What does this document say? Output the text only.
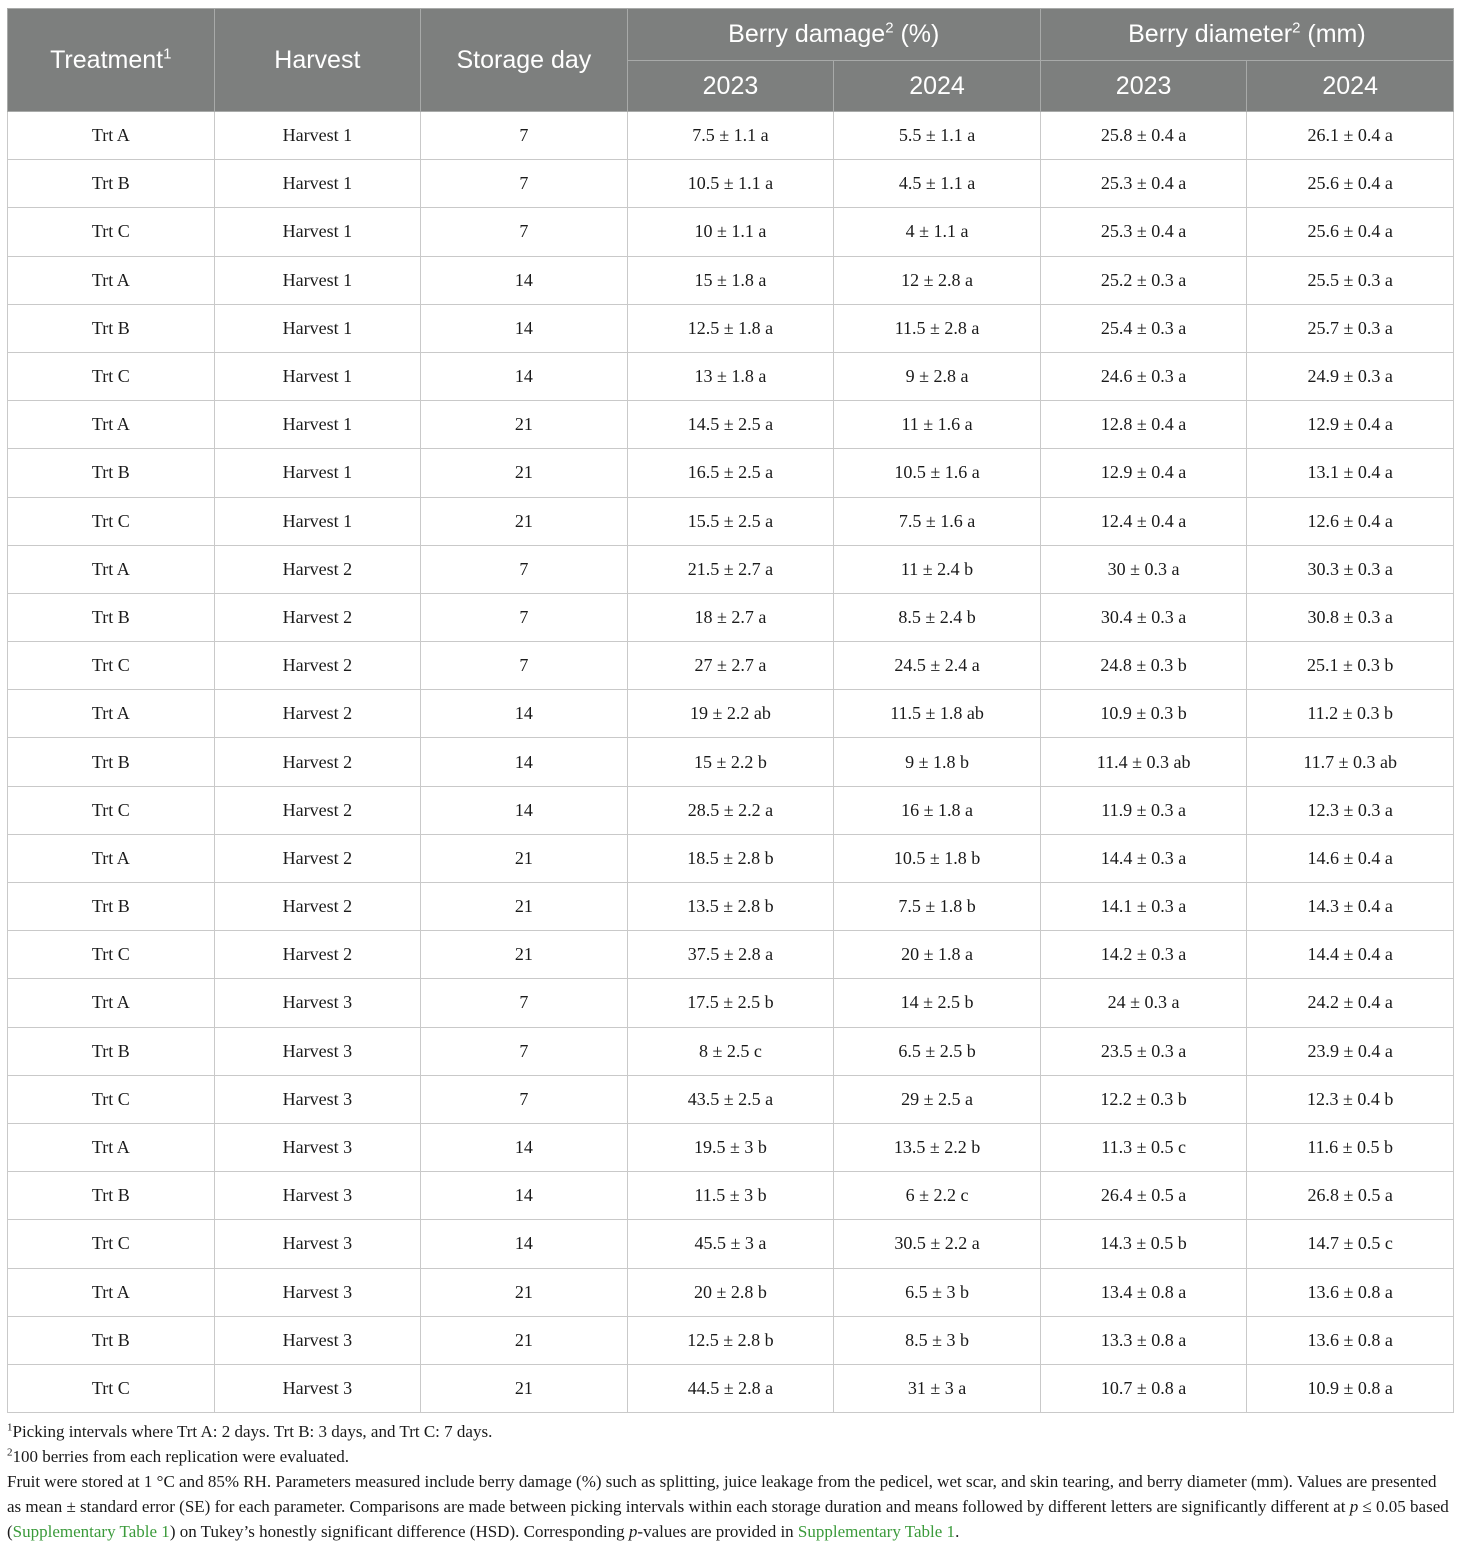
Treatment$^1$	Harvest	Storage day	Berry damage$^2$ (%)		Berry diameter$^2$ (mm)	
			2023	2024	2023	2024
Trt A	Harvest 1	7	7.5 ± 1.1 a	5.5 ± 1.1 a	25.8 ± 0.4 a	26.1 ± 0.4 a
Trt B	Harvest 1	7	10.5 ± 1.1 a	4.5 ± 1.1 a	25.3 ± 0.4 a	25.6 ± 0.4 a
Trt C	Harvest 1	7	10 ± 1.1 a	4 ± 1.1 a	25.3 ± 0.4 a	25.6 ± 0.4 a
Trt A	Harvest 1	14	15 ± 1.8 a	12 ± 2.8 a	25.2 ± 0.3 a	25.5 ± 0.3 a
Trt B	Harvest 1	14	12.5 ± 1.8 a	11.5 ± 2.8 a	25.4 ± 0.3 a	25.7 ± 0.3 a
Trt C	Harvest 1	14	13 ± 1.8 a	9 ± 2.8 a	24.6 ± 0.3 a	24.9 ± 0.3 a
Trt A	Harvest 1	21	14.5 ± 2.5 a	11 ± 1.6 a	12.8 ± 0.4 a	12.9 ± 0.4 a
Trt B	Harvest 1	21	16.5 ± 2.5 a	10.5 ± 1.6 a	12.9 ± 0.4 a	13.1 ± 0.4 a
Trt C	Harvest 1	21	15.5 ± 2.5 a	7.5 ± 1.6 a	12.4 ± 0.4 a	12.6 ± 0.4 a
Trt A	Harvest 2	7	21.5 ± 2.7 a	11 ± 2.4 b	30 ± 0.3 a	30.3 ± 0.3 a
Trt B	Harvest 2	7	18 ± 2.7 a	8.5 ± 2.4 b	30.4 ± 0.3 a	30.8 ± 0.3 a
Trt C	Harvest 2	7	27 ± 2.7 a	24.5 ± 2.4 a	24.8 ± 0.3 b	25.1 ± 0.3 b
Trt A	Harvest 2	14	19 ± 2.2 ab	11.5 ± 1.8 ab	10.9 ± 0.3 b	11.2 ± 0.3 b
Trt B	Harvest 2	14	15 ± 2.2 b	9 ± 1.8 b	11.4 ± 0.3 ab	11.7 ± 0.3 ab
Trt C	Harvest 2	14	28.5 ± 2.2 a	16 ± 1.8 a	11.9 ± 0.3 a	12.3 ± 0.3 a
Trt A	Harvest 2	21	18.5 ± 2.8 b	10.5 ± 1.8 b	14.4 ± 0.3 a	14.6 ± 0.4 a
Trt B	Harvest 2	21	13.5 ± 2.8 b	7.5 ± 1.8 b	14.1 ± 0.3 a	14.3 ± 0.4 a
Trt C	Harvest 2	21	37.5 ± 2.8 a	20 ± 1.8 a	14.2 ± 0.3 a	14.4 ± 0.4 a
Trt A	Harvest 3	7	17.5 ± 2.5 b	14 ± 2.5 b	24 ± 0.3 a	24.2 ± 0.4 a
Trt B	Harvest 3	7	8 ± 2.5 c	6.5 ± 2.5 b	23.5 ± 0.3 a	23.9 ± 0.4 a
Trt C	Harvest 3	7	43.5 ± 2.5 a	29 ± 2.5 a	12.2 ± 0.3 b	12.3 ± 0.4 b
Trt A	Harvest 3	14	19.5 ± 3 b	13.5 ± 2.2 b	11.3 ± 0.5 c	11.6 ± 0.5 b
Trt B	Harvest 3	14	11.5 ± 3 b	6 ± 2.2 c	26.4 ± 0.5 a	26.8 ± 0.5 a
Trt C	Harvest 3	14	45.5 ± 3 a	30.5 ± 2.2 a	14.3 ± 0.5 b	14.7 ± 0.5 c
Trt A	Harvest 3	21	20 ± 2.8 b	6.5 ± 3 b	13.4 ± 0.8 a	13.6 ± 0.8 a
Trt B	Harvest 3	21	12.5 ± 2.8 b	8.5 ± 3 b	13.3 ± 0.8 a	13.6 ± 0.8 a
Trt C	Harvest 3	21	44.5 ± 2.8 a	31 ± 3 a	10.7 ± 0.8 a	10.9 ± 0.8 a

$^1$Picking intervals where Trt A: 2 days. Trt B: 3 days, and Trt C: 7 days.

$^2$100 berries from each replication were evaluated.

Fruit were stored at 1 °C and 85% RH. Parameters measured include berry damage (%) such as splitting, juice leakage from the pedicel, wet scar, and skin tearing, and berry diameter (mm). Values are presented as mean ± standard error (SE) for each parameter. Comparisons are made between picking intervals within each storage duration and means followed by different letters are significantly different at p ≤ 0.05 based (Supplementary Table 1) on Tukey’s honestly significant difference (HSD). Corresponding p-values are provided in Supplementary Table 1.
